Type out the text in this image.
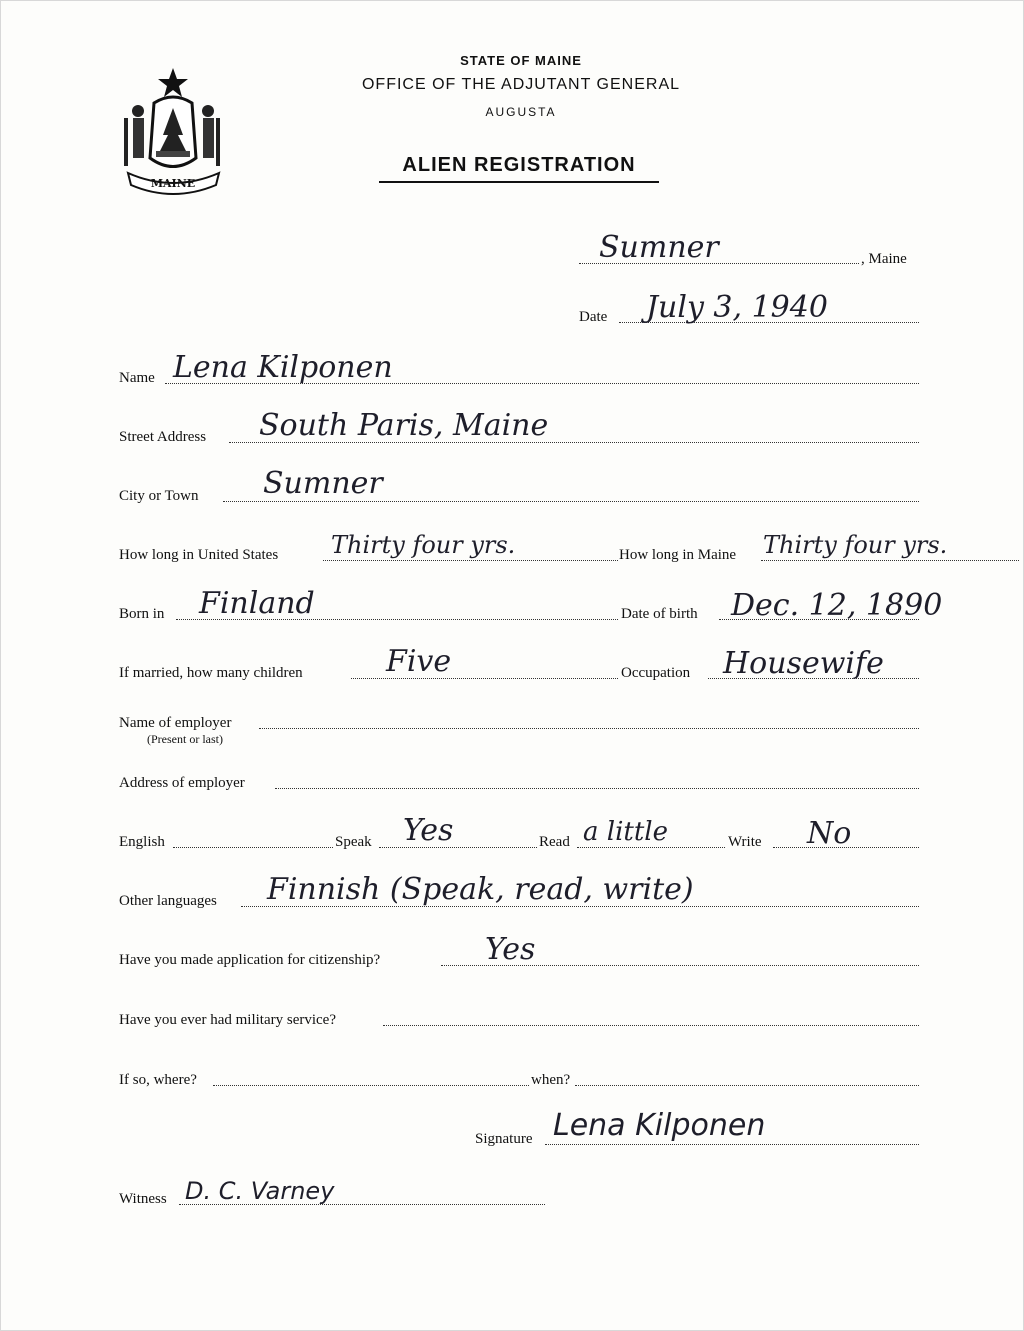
MAINE
STATE OF MAINE
OFFICE OF THE ADJUTANT GENERAL
AUGUSTA
ALIEN REGISTRATION
Sumner	, Maine
Date July 3, 1940
Name Lena Kilponen
Street Address South Paris, Maine
City or Town Sumner
How long in United States Thirty four yrs.	How long in Maine Thirty four yrs.
Born in Finland	Date of birth Dec. 12, 1890
If married, how many children	Five	Occupation Housewife
Name of employer
(Present or last)
Address of employer
English	Speak Yes	Read a little	Write No
Other languages Finnish (Speak, read, write)
Have you made application for citizenship?	Yes
Have you ever had military service?
If so, where?	when?
Signature Lena Kilponen
Witness D. C. Varney
